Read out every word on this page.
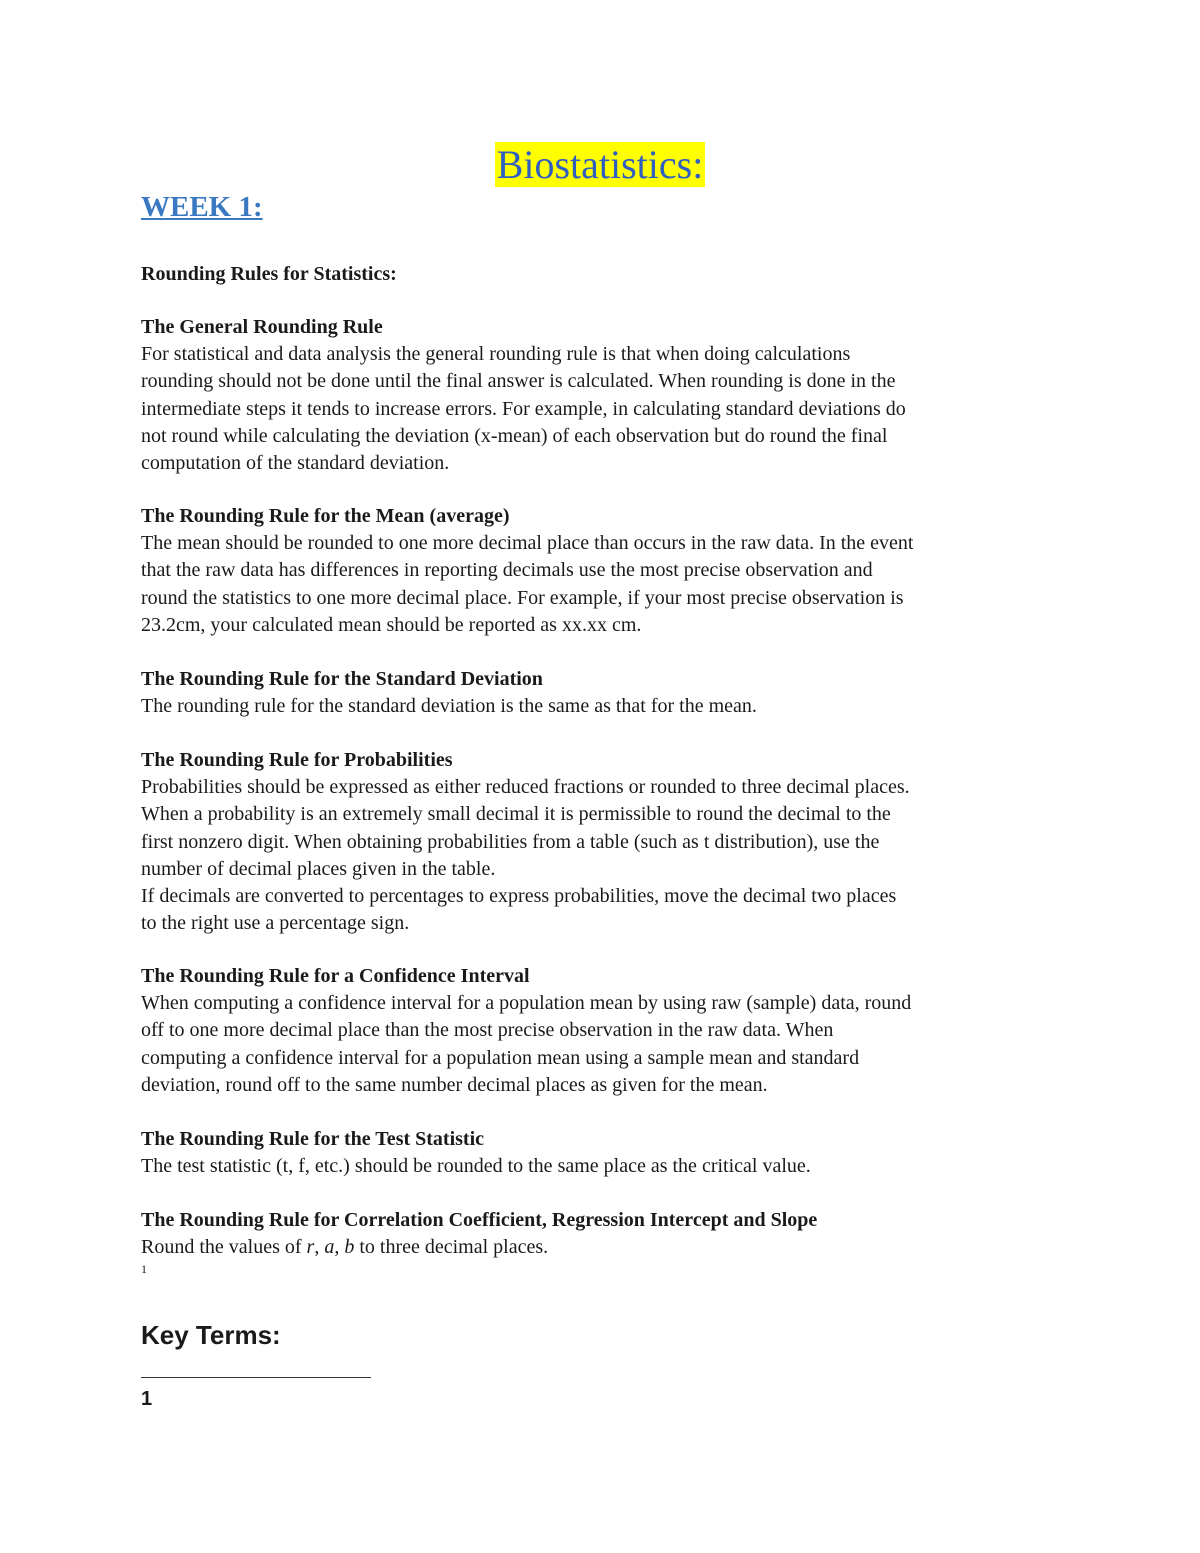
Biostatistics:
WEEK 1:
Rounding Rules for Statistics:
The General Rounding Rule
For statistical and data analysis the general rounding rule is that when doing calculations
rounding should not be done until the final answer is calculated. When rounding is done in the
intermediate steps it tends to increase errors. For example, in calculating standard deviations do
not round while calculating the deviation (x-mean) of each observation but do round the final
computation of the standard deviation.
The Rounding Rule for the Mean (average)
The mean should be rounded to one more decimal place than occurs in the raw data. In the event
that the raw data has differences in reporting decimals use the most precise observation and
round the statistics to one more decimal place. For example, if your most precise observation is
23.2cm, your calculated mean should be reported as xx.xx cm.
The Rounding Rule for the Standard Deviation
The rounding rule for the standard deviation is the same as that for the mean.
The Rounding Rule for Probabilities
Probabilities should be expressed as either reduced fractions or rounded to three decimal places.
When a probability is an extremely small decimal it is permissible to round the decimal to the
first nonzero digit. When obtaining probabilities from a table (such as t distribution), use the
number of decimal places given in the table.
If decimals are converted to percentages to express probabilities, move the decimal two places
to the right use a percentage sign.
The Rounding Rule for a Confidence Interval
When computing a confidence interval for a population mean by using raw (sample) data, round
off to one more decimal place than the most precise observation in the raw data. When
computing a confidence interval for a population mean using a sample mean and standard
deviation, round off to the same number decimal places as given for the mean.
The Rounding Rule for the Test Statistic
The test statistic (t, f, etc.) should be rounded to the same place as the critical value.
The Rounding Rule for Correlation Coefficient, Regression Intercept and Slope
Round the values of r, a, b to three decimal places.
1
Key Terms:
1
